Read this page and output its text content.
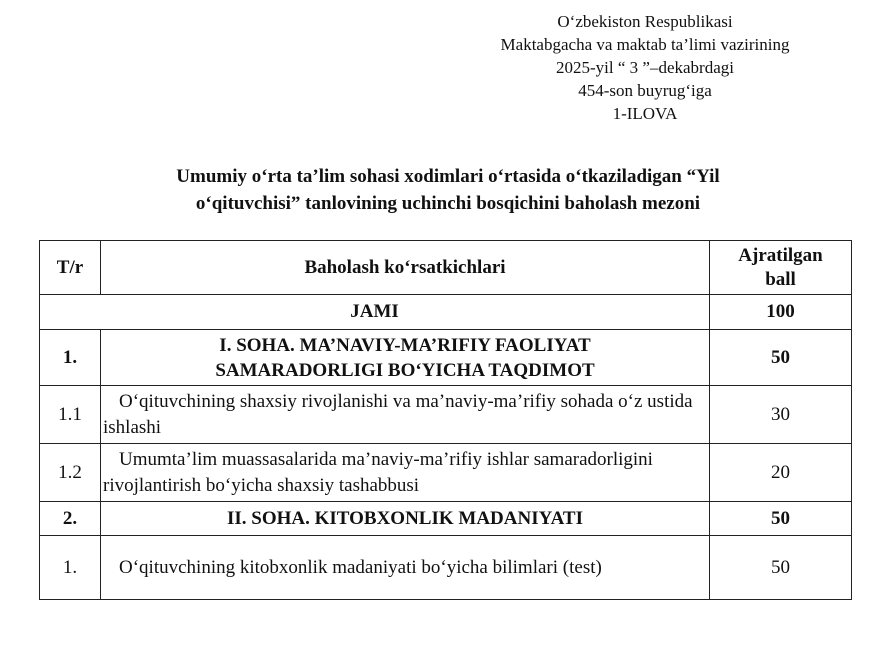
O‘zbekiston Respublikasi
Maktabgacha va maktab ta’limi vazirining
2025-yil “ 3 ”–dekabrdagi
454-son buyrug‘iga
1-ILOVA
Umumiy o‘rta ta’lim sohasi xodimlari o‘rtasida o‘tkaziladigan “Yil
o‘qituvchisi” tanlovining uchinchi bosqichini baholash mezoni
T/r	Baholash ko‘rsatkichlari	Ajratilgan
ball

JAMI		100
1.	I. SOHA. MA’NAVIY-MA’RIFIY FAOLIYAT
SAMARADORLIGI BO‘YICHA TAQDIMOT	50
1.1	O‘qituvchining shaxsiy rivojlanishi va ma’naviy-ma’rifiy sohada o‘z ustida ishlashi	30
1.2	Umumta’lim muassasalarida ma’naviy-ma’rifiy ishlar samaradorligini rivojlantirish bo‘yicha shaxsiy tashabbusi	20
2.	II. SOHA. KITOBXONLIK MADANIYATI	50
1.	O‘qituvchining kitobxonlik madaniyati bo‘yicha bilimlari (test)	50
